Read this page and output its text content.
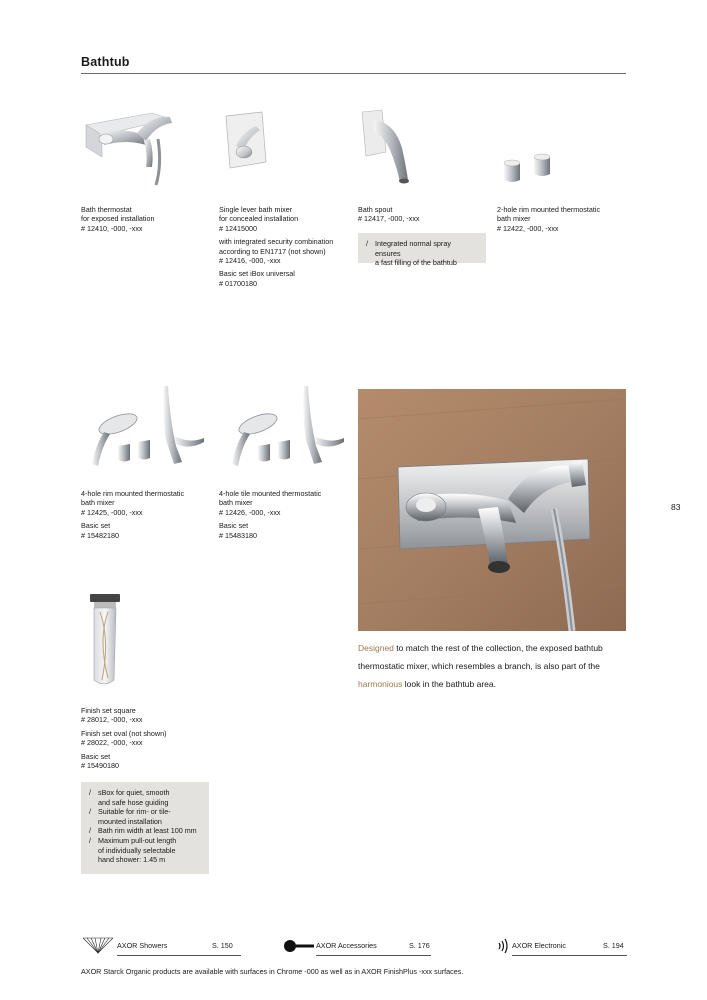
Bathtub

Bath thermostat
for exposed installation
# 12410, -000, -xxx

Single lever bath mixer
for concealed installation
# 12415000

with integrated security combination
according to EN1717 (not shown)
# 12416, -000, -xxx

Basic set iBox universal
# 01700180

Bath spout
# 12417, -000, -xxx

/ Integrated normal spray ensures
a fast filling of the bathtub

2-hole rim mounted thermostatic
bath mixer
# 12422, -000, -xxx

4-hole rim mounted thermostatic
bath mixer
# 12425, -000, -xxx

Basic set
# 15482180

4-hole tile mounted thermostatic
bath mixer
# 12426, -000, -xxx

Basic set
# 15483180

83
Designed to match the rest of the collection, the exposed bathtub thermostatic mixer, which resembles a branch, is also part of the harmonious look in the bathtub area.

Finish set square
# 28012, -000, -xxx

Finish set oval (not shown)
# 28022, -000, -xxx

Basic set
# 15490180

/ sBox for quiet, smooth
and safe hose guiding
/ Suitable for rim- or tile-
mounted installation
/ Bath rim width at least 100 mm
/ Maximum pull-out length
of individually selectable
hand shower: 1.45 m
AXOR Showers	S. 150	AXOR Accessories	S. 176	AXOR Electronic	S. 194
AXOR Starck Organic products are available with surfaces in Chrome -000 as well as in AXOR FinishPlus -xxx surfaces.
